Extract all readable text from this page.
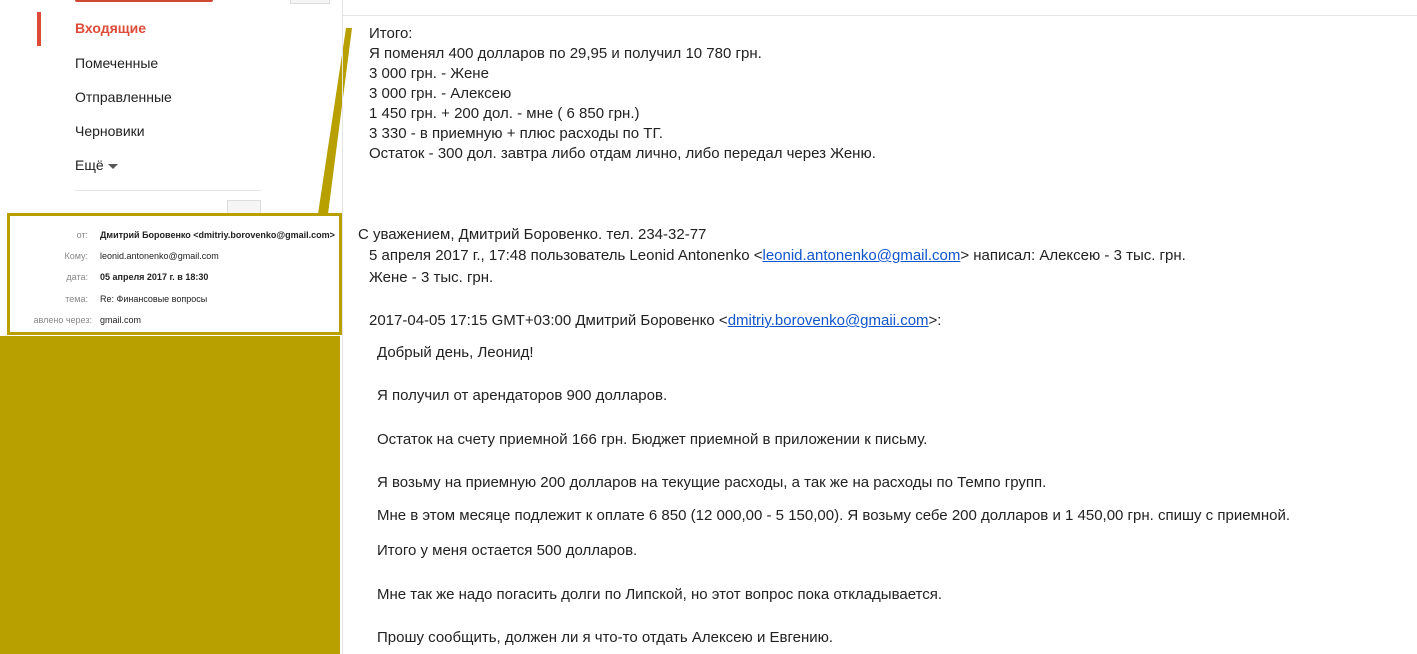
Входящие
Помеченные
Отправленные
Черновики
Ещё
от: Дмитрий Боровенко <dmitriy.borovenko@gmail.com>
Кому: leonid.antonenko@gmail.com
дата: 05 апреля 2017 г. в 18:30
тема: Re: Финансовые вопросы
авлено через: gmail.com
Итого:
Я поменял 400 долларов по 29,95 и получил 10 780 грн.
3 000 грн. - Жене
3 000 грн. - Алексею
1 450 грн. + 200 дол. - мне ( 6 850 грн.)
3 330 - в приемную + плюс расходы по ТГ.
Остаток - 300 дол. завтра либо отдам лично, либо передал через Женю.
С уважением, Дмитрий Боровенко. тел. 234-32-77
5 апреля 2017 г., 17:48 пользователь Leonid Antonenko <leonid.antonenko@gmail.com> написал: Алексею - 3 тыс. грн.
Жене - 3 тыс. грн.
2017-04-05 17:15 GMT+03:00 Дмитрий Боровенко <dmitriy.borovenko@gmaii.com>:
Добрый день, Леонид!
Я получил от арендаторов 900 долларов.
Остаток на счету приемной 166 грн. Бюджет приемной в приложении к письму.
Я возьму на приемную 200 долларов на текущие расходы, а так же на расходы по Темпо групп.
Мне в этом месяце подлежит к оплате 6 850 (12 000,00 - 5 150,00). Я возьму себе 200 долларов и 1 450,00 грн. спишу с приемной.
Итого у меня остается 500 долларов.
Мне так же надо погасить долги по Липской, но этот вопрос пока откладывается.
Прошу сообщить, должен ли я что-то отдать Алексею и Евгению.
